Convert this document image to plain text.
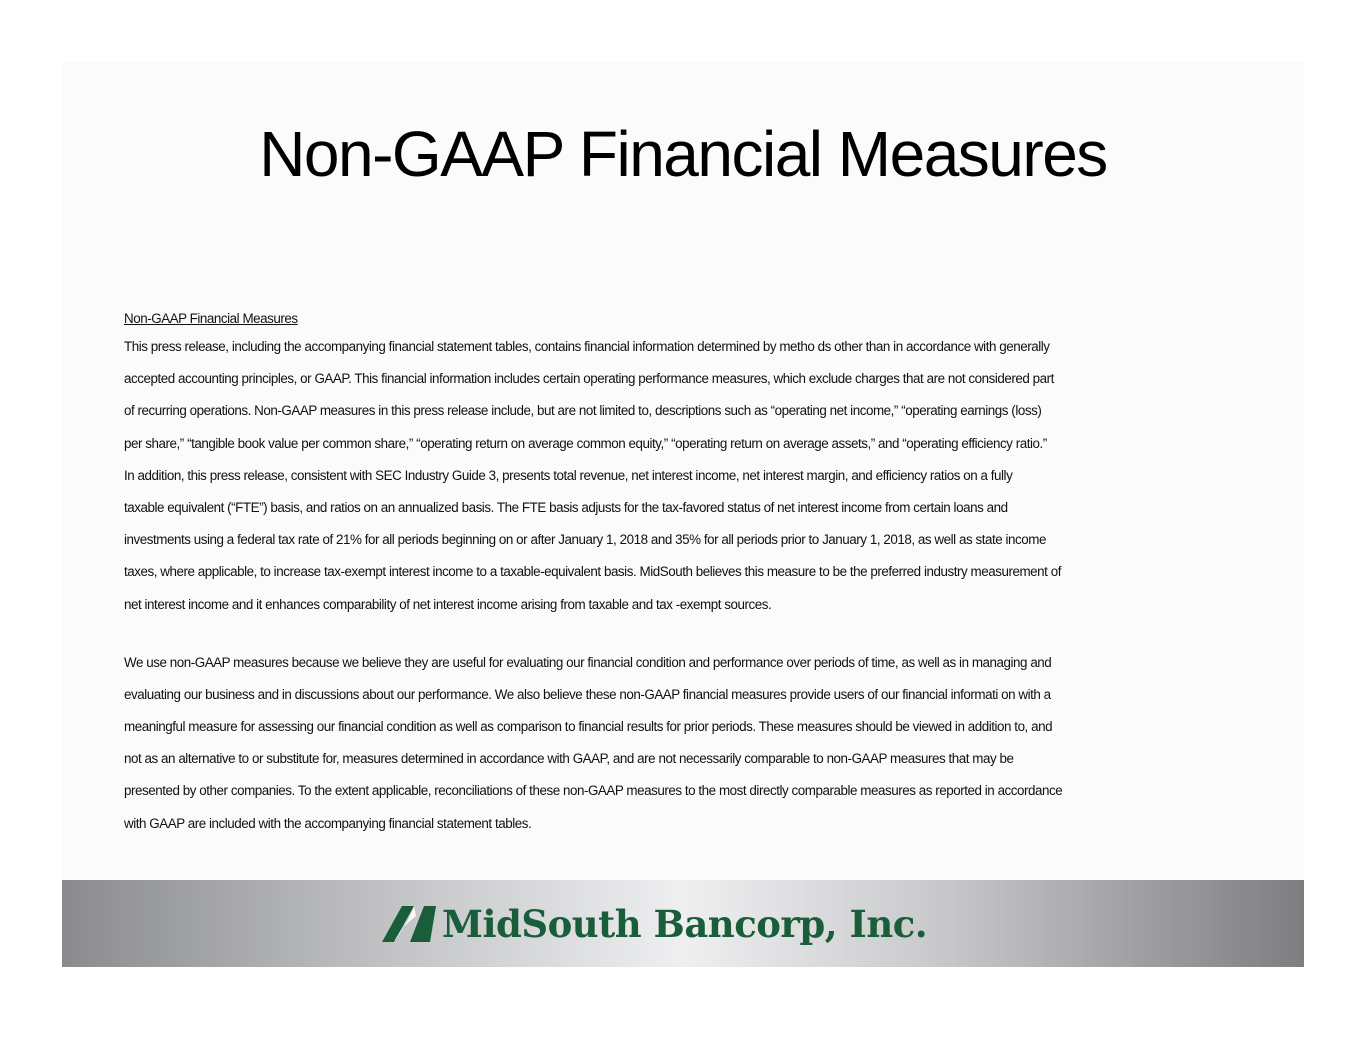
Non-GAAP Financial Measures
Non-GAAP Financial Measures
This press release, including the accompanying financial statement tables, contains financial information determined by metho ds other than in accordance with generally
accepted accounting principles, or GAAP. This financial information includes certain operating performance measures, which exclude charges that are not considered part
of recurring operations. Non-GAAP measures in this press release include, but are not limited to, descriptions such as “operating net income,” “operating earnings (loss)
per share,” “tangible book value per common share,” “operating return on average common equity,” “operating return on average assets,” and “operating efficiency ratio.”
In addition, this press release, consistent with SEC Industry Guide 3, presents total revenue, net interest income, net interest margin, and efficiency ratios on a fully
taxable equivalent (“FTE”) basis, and ratios on an annualized basis. The FTE basis adjusts for the tax-favored status of net interest income from certain loans and
investments using a federal tax rate of 21% for all periods beginning on or after January 1, 2018 and 35% for all periods prior to January 1, 2018, as well as state income
taxes, where applicable, to increase tax-exempt interest income to a taxable-equivalent basis. MidSouth believes this measure to be the preferred industry measurement of
net interest income and it enhances comparability of net interest income arising from taxable and tax -exempt sources.
We use non-GAAP measures because we believe they are useful for evaluating our financial condition and performance over periods of time, as well as in managing and
evaluating our business and in discussions about our performance. We also believe these non-GAAP financial measures provide users of our financial informati on with a
meaningful measure for assessing our financial condition as well as comparison to financial results for prior periods. These measures should be viewed in addition to, and
not as an alternative to or substitute for, measures determined in accordance with GAAP, and are not necessarily comparable to non-GAAP measures that may be
presented by other companies. To the extent applicable, reconciliations of these non-GAAP measures to the most directly comparable measures as reported in accordance
with GAAP are included with the accompanying financial statement tables.
MidSouth Bancorp, Inc.
